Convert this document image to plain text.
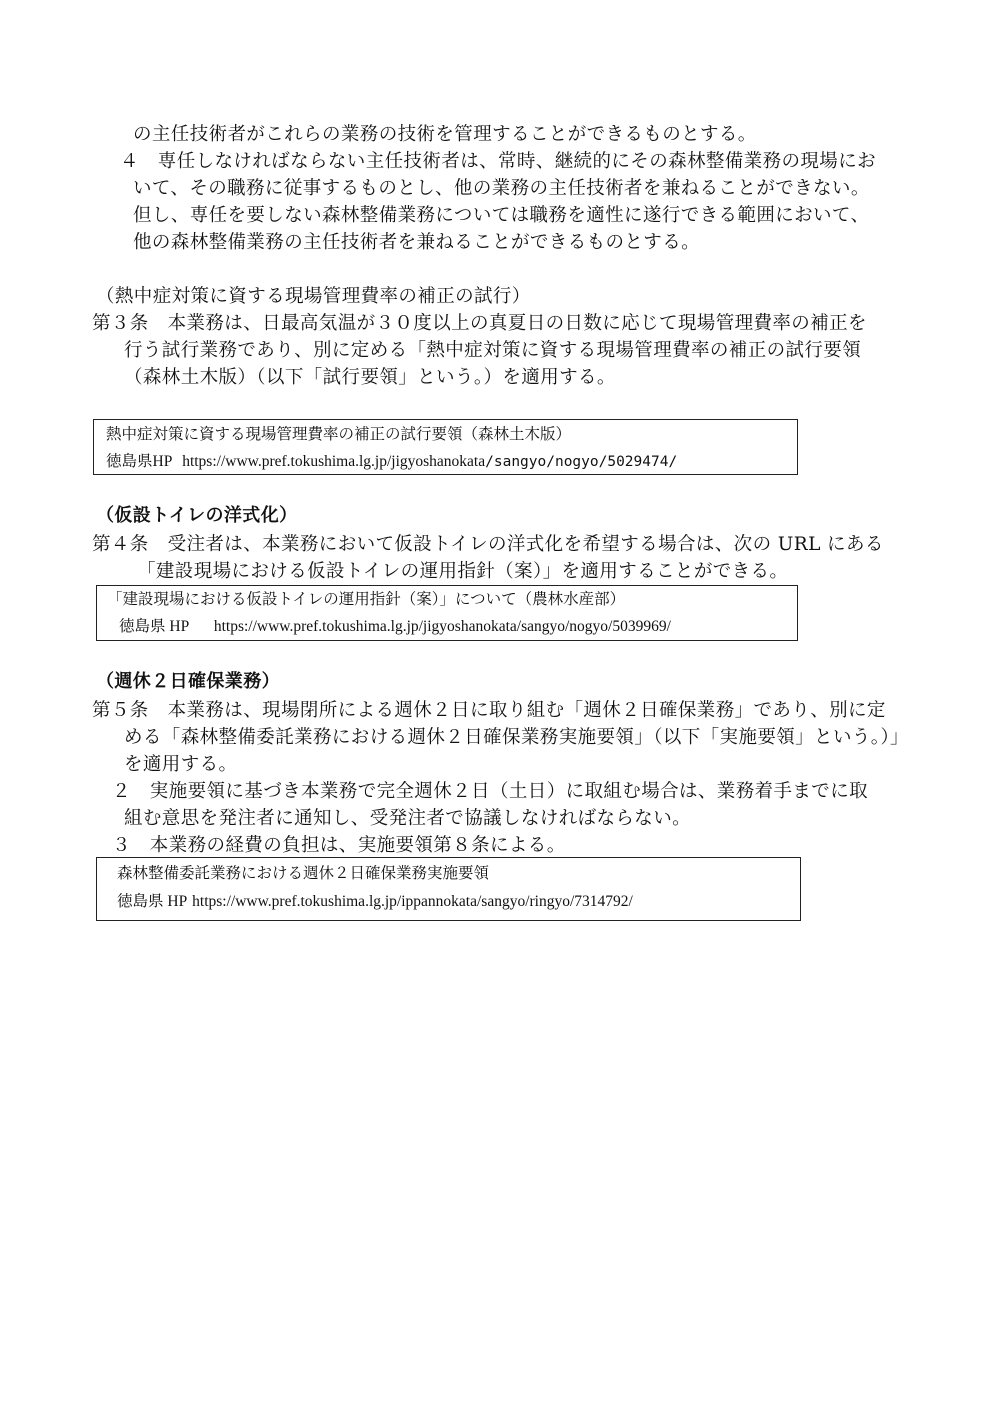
の主任技術者がこれらの業務の技術を管理することができるものとする。
４　専任しなければならない主任技術者は、常時、継続的にその森林整備業務の現場にお
いて、その職務に従事するものとし、他の業務の主任技術者を兼ねることができない。
但し、専任を要しない森林整備業務については職務を適性に遂行できる範囲において、
他の森林整備業務の主任技術者を兼ねることができるものとする。
（熱中症対策に資する現場管理費率の補正の試行）
第３条　本業務は、日最高気温が３０度以上の真夏日の日数に応じて現場管理費率の補正を
行う試行業務であり、別に定める「熱中症対策に資する現場管理費率の補正の試行要領
（森林土木版）（以下「試行要領」という。）を適用する。
熱中症対策に資する現場管理費率の補正の試行要領（森林土木版）
徳島県HP https://www.pref.tokushima.lg.jp/jigyoshanokata/sangyo/nogyo/5029474/
（仮設トイレの洋式化）
第４条　受注者は、本業務において仮設トイレの洋式化を希望する場合は、次の URL にある
「建設現場における仮設トイレの運用指針（案）」を適用することができる。
「建設現場における仮設トイレの運用指針（案）」について（農林水産部）
徳島県 HP https://www.pref.tokushima.lg.jp/jigyoshanokata/sangyo/nogyo/5039969/
（週休２日確保業務）
第５条　本業務は、現場閉所による週休２日に取り組む「週休２日確保業務」であり、別に定
める「森林整備委託業務における週休２日確保業務実施要領」（以下「実施要領」という。）」
を適用する。
２　実施要領に基づき本業務で完全週休２日（土日）に取組む場合は、業務着手までに取
組む意思を発注者に通知し、受発注者で協議しなければならない。
３　本業務の経費の負担は、実施要領第８条による。
森林整備委託業務における週休２日確保業務実施要領
徳島県 HP https://www.pref.tokushima.lg.jp/ippannokata/sangyo/ringyo/7314792/
